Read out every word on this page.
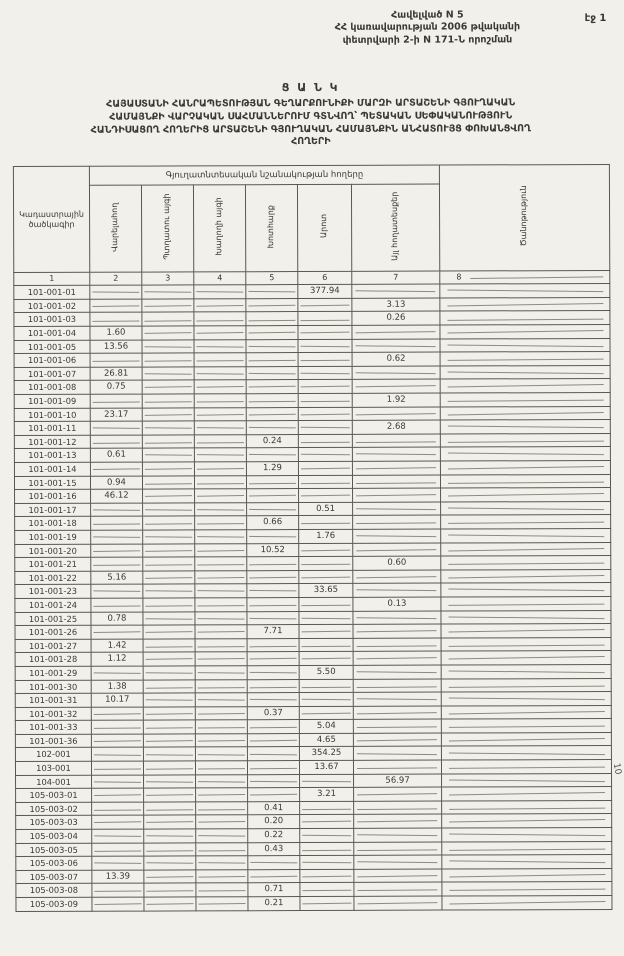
էջ 1
Հավելված N 5
ՀՀ կառավարության 2006 թվականի
փետրվարի 2-ի N 171-Ն որոշման
Ց Ա Ն Կ
ՀԱՅԱՍՏԱՆԻ ՀԱՆՐԱՊԵՏՈՒԹՅԱՆ ԳԵՂԱՐՔՈՒՆԻՔԻ ՄԱՐԶԻ ԱՐՏԱՇԵՆԻ ԳՅՈՒՂԱԿԱՆ
ՀԱՄԱՅՆՔԻ ՎԱՐՉԱԿԱՆ ՍԱՀՄԱՆՆԵՐՈՒՄ ԳՏՆՎՈՂ՝ ՊԵՏԱԿԱՆ ՍԵՓԱԿԱՆՈՒԹՅՈՒՆ
ՀԱՆԴԻՍԱՑՈՂ ՀՈՂԵՐԻՑ ԱՐՏԱՇԵՆԻ ԳՅՈՒՂԱԿԱՆ ՀԱՄԱՅՆՔԻՆ ԱՆՀԱՏՈՒՅՑ ՓՈԽԱՆՑՎՈՂ
ՀՈՂԵՐԻ
Կադաստրային ծածկագիր	Գյուղատնտեսական նշանակության հողերը						Ծանոթություն
	Վարելահող	Պտղատու այգի	Խաղողի այգի	Խոտհարք	Արոտ	Այլ հողատեսքեր	
1	2	3	4	5	6	7	8
101-001-01					377.94		
101-001-02						3.13	
101-001-03						0.26	
101-001-04	1.60						
101-001-05	13.56						
101-001-06						0.62	
101-001-07	26.81						
101-001-08	0.75						
101-001-09						1.92	
101-001-10	23.17						
101-001-11						2.68	
101-001-12				0.24			
101-001-13	0.61						
101-001-14				1.29			
101-001-15	0.94						
101-001-16	46.12						
101-001-17					0.51		
101-001-18				0.66			
101-001-19					1.76		
101-001-20				10.52			
101-001-21						0.60	
101-001-22	5.16						
101-001-23					33.65		
101-001-24						0.13	
101-001-25	0.78						
101-001-26				7.71			
101-001-27	1.42						
101-001-28	1.12						
101-001-29					5.50		
101-001-30	1.38						
101-001-31	10.17						
101-001-32				0.37			
101-001-33					5.04		
101-001-36					4.65		
102-001					354.25		
103-001					13.67		
104-001						56.97	
105-003-01					3.21		
105-003-02				0.41			
105-003-03				0.20			
105-003-04				0.22			
105-003-05				0.43			
105-003-06							
105-003-07	13.39						
105-003-08				0.71			
105-003-09				0.21			
10
